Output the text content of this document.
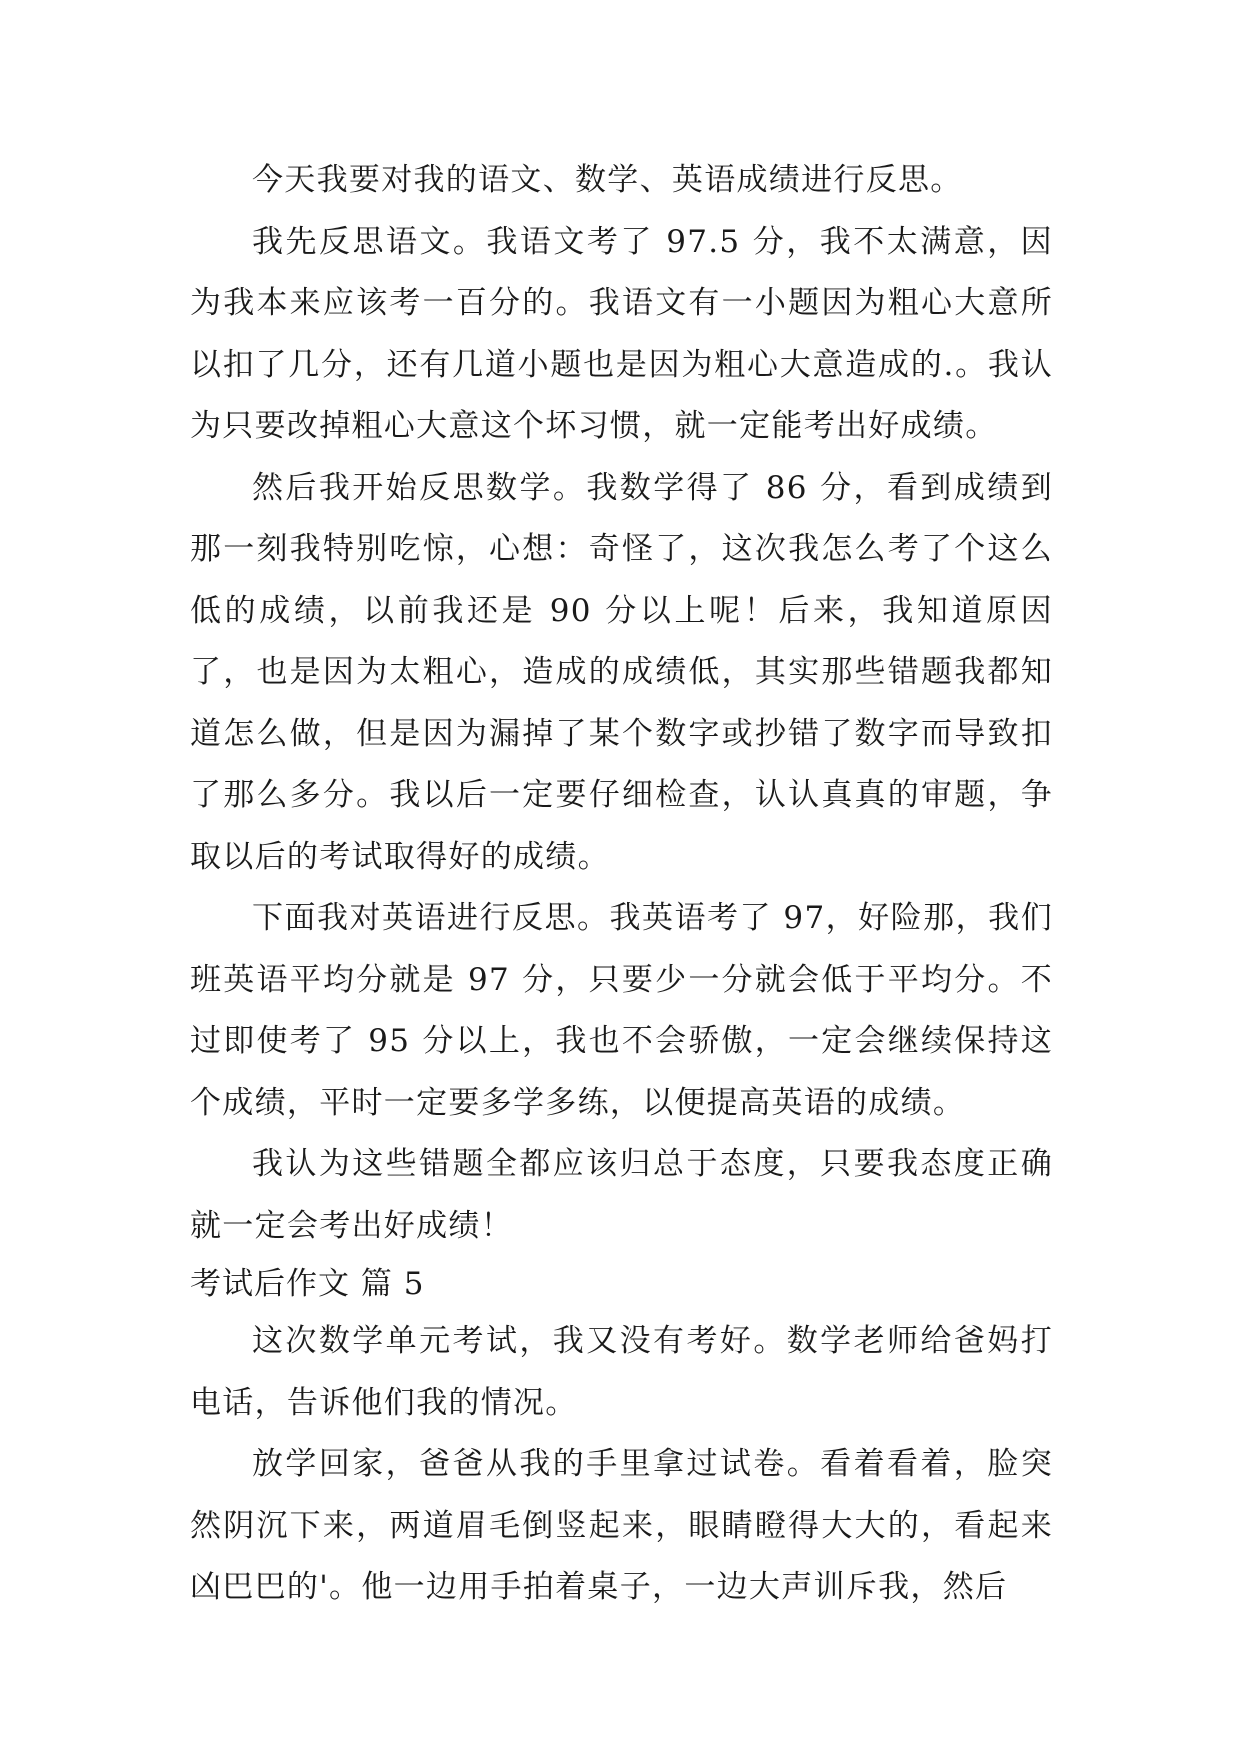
今天我要对我的语文、数学、英语成绩进行反思。

我先反思语文。我语文考了 97.5 分，我不太满意，因为我本来应该考一百分的。我语文有一小题因为粗心大意所以扣了几分，还有几道小题也是因为粗心大意造成的.。我认为只要改掉粗心大意这个坏习惯，就一定能考出好成绩。

然后我开始反思数学。我数学得了 86 分，看到成绩到那一刻我特别吃惊，心想：奇怪了，这次我怎么考了个这么低的成绩，以前我还是 90 分以上呢！后来，我知道原因了，也是因为太粗心，造成的成绩低，其实那些错题我都知道怎么做，但是因为漏掉了某个数字或抄错了数字而导致扣了那么多分。我以后一定要仔细检查，认认真真的审题，争取以后的考试取得好的成绩。

下面我对英语进行反思。我英语考了 97，好险那，我们班英语平均分就是 97 分，只要少一分就会低于平均分。不过即使考了 95 分以上，我也不会骄傲，一定会继续保持这个成绩，平时一定要多学多练，以便提高英语的成绩。

我认为这些错题全都应该归总于态度，只要我态度正确就一定会考出好成绩！

考试后作文 篇 5

这次数学单元考试，我又没有考好。数学老师给爸妈打电话，告诉他们我的情况。

放学回家，爸爸从我的手里拿过试卷。看着看着，脸突然阴沉下来，两道眉毛倒竖起来，眼睛瞪得大大的，看起来凶巴巴的'。他一边用手拍着桌子，一边大声训斥我，然后
